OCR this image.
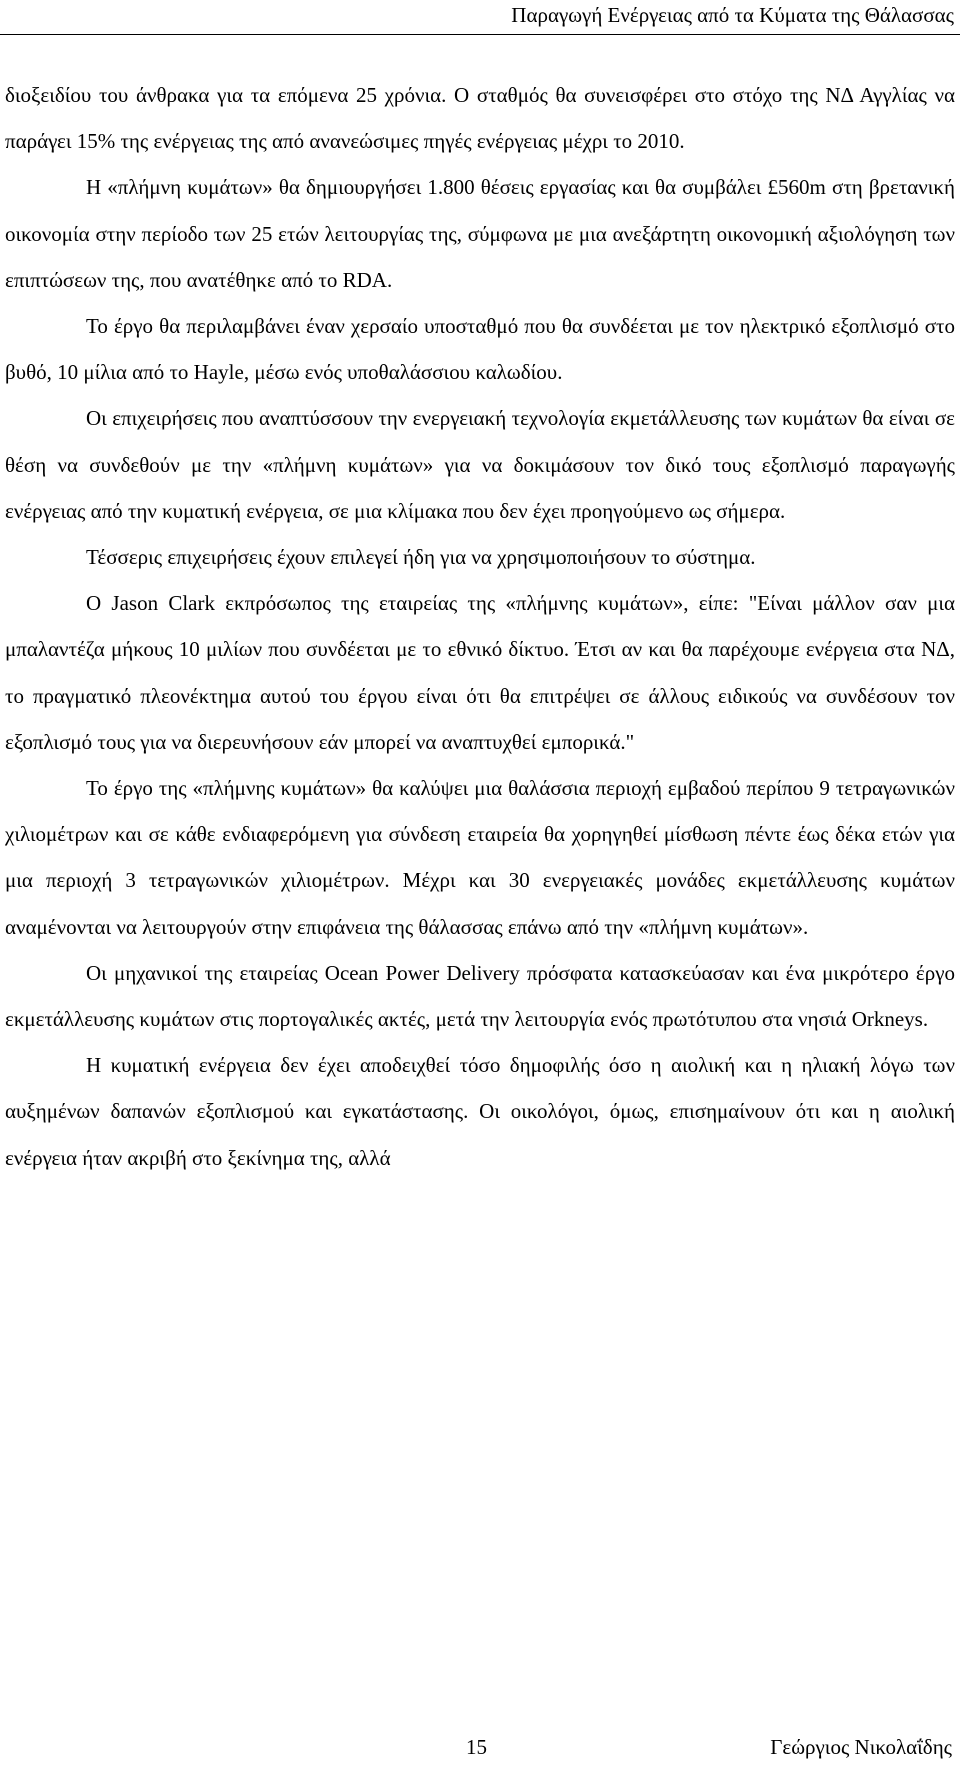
Παραγωγή Ενέργειας από τα Κύματα της Θάλασσας

διοξειδίου του άνθρακα για τα επόμενα 25 χρόνια. Ο σταθμός θα συνεισφέρει στο στόχο της ΝΔ Αγγλίας να παράγει 15% της ενέργειας της από ανανεώσιμες πηγές ενέργειας μέχρι το 2010.

Η «πλήμνη κυμάτων» θα δημιουργήσει 1.800 θέσεις εργασίας και θα συμβάλει £560m στη βρετανική οικονομία στην περίοδο των 25 ετών λειτουργίας της, σύμφωνα με μια ανεξάρτητη οικονομική αξιολόγηση των επιπτώσεων της, που ανατέθηκε από το RDA.

Το έργο θα περιλαμβάνει έναν χερσαίο υποσταθμό που θα συνδέεται με τον ηλεκτρικό εξοπλισμό στο βυθό, 10 μίλια από το Hayle, μέσω ενός υποθαλάσσιου καλωδίου.

Οι επιχειρήσεις που αναπτύσσουν την ενεργειακή τεχνολογία εκμετάλλευσης των κυμάτων θα είναι σε θέση να συνδεθούν με την «πλήμνη κυμάτων» για να δοκιμάσουν τον δικό τους εξοπλισμό παραγωγής ενέργειας από την κυματική ενέργεια, σε μια κλίμακα που δεν έχει προηγούμενο ως σήμερα.

Τέσσερις επιχειρήσεις έχουν επιλεγεί ήδη για να χρησιμοποιήσουν το σύστημα.

Ο Jason Clark εκπρόσωπος της εταιρείας της «πλήμνης κυμάτων», είπε: "Είναι μάλλον σαν μια μπαλαντέζα μήκους 10 μιλίων που συνδέεται με το εθνικό δίκτυο. Έτσι αν και θα παρέχουμε ενέργεια στα ΝΔ, το πραγματικό πλεονέκτημα αυτού του έργου είναι ότι θα επιτρέψει σε άλλους ειδικούς να συνδέσουν τον εξοπλισμό τους για να διερευνήσουν εάν μπορεί να αναπτυχθεί εμπορικά."

Το έργο της «πλήμνης κυμάτων» θα καλύψει μια θαλάσσια περιοχή εμβαδού περίπου 9 τετραγωνικών χιλιομέτρων και σε κάθε ενδιαφερόμενη για σύνδεση εταιρεία θα χορηγηθεί μίσθωση πέντε έως δέκα ετών για μια περιοχή 3 τετραγωνικών χιλιομέτρων. Μέχρι και 30 ενεργειακές μονάδες εκμετάλλευσης κυμάτων αναμένονται να λειτουργούν στην επιφάνεια της θάλασσας επάνω από την «πλήμνη κυμάτων».

Οι μηχανικοί της εταιρείας Ocean Power Delivery πρόσφατα κατασκεύασαν και ένα μικρότερο έργο εκμετάλλευσης κυμάτων στις πορτογαλικές ακτές, μετά την λειτουργία ενός πρωτότυπου στα νησιά Orkneys.

Η κυματική ενέργεια δεν έχει αποδειχθεί τόσο δημοφιλής όσο η αιολική και η ηλιακή λόγω των αυξημένων δαπανών εξοπλισμού και εγκατάστασης. Οι οικολόγοι, όμως, επισημαίνουν ότι και η αιολική ενέργεια ήταν ακριβή στο ξεκίνημα της, αλλά

15	Γεώργιος Νικολαΐδης
